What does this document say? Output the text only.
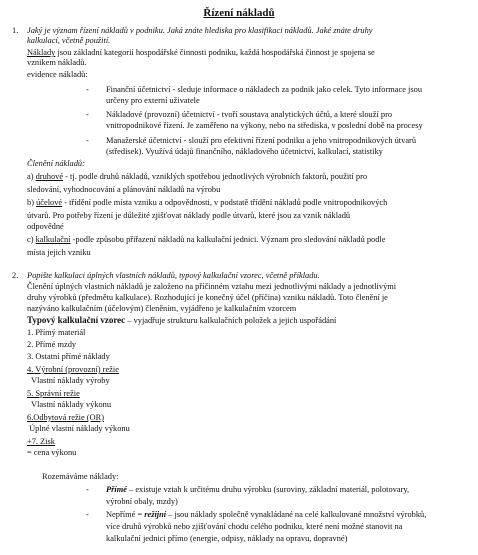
Řízení nákladů
1. Jaký je význam řízení nákladů v podniku. Jaká znáte hlediska pro klasifikaci nákladů. Jaké znáte druhy
kalkulací, včetně použití.
Náklady jsou základní kategorií hospodářské činnosti podniku, každá hospodářská činnost je spojena se
vznikem nákladů.
evidence nákladů:
- Finanční účetnictví - sleduje informace o nákladech za podnik jako celek. Tyto informace jsou
určeny pro externí uživatele
- Nákladové (provozní) účetnictví - tvoří soustava analytických účtů, a které slouží pro
vnitropodnikové řízení. Je zaměřeno na výkony, nebo na střediska, v poslední době na procesy
- Manažerské účetnictví - slouží pro efektivní řízení podniku a jeho vnitropodnikových útvarů
(středisek). Využívá údajů finančního, nákladového účetnictví, kalkulací, statistiky
Členění nákladů:
a) druhové - tj. podle druhů nákladů, vzniklých spotřebou jednotlivých výrobních faktorů, použití pro
sledování, vyhodnocování a plánování nákladů na výrobu
b) účelové - třídění podle místa vzniku a odpovědnosti, v podstatě třídění nákladů podle vnitropodnikových
útvarů. Pro potřeby řízení je důležité zjišťovat náklady podle útvarů, které jsou za vznik nákladů
odpovědné
c) kalkulační -podle způsobu přiřazení nákladů na kalkulační jednici. Význam pro sledování nákladů podle
místa jejich vzniku
2. Popište kalkulaci úplných vlastních nákladů, typový kalkulační vzorec, včetně příkladu.
Členění úplných vlastních nákladů je založeno na příčinném vztahu mezi jednotlivými náklady a jednotlivými
druhy výrobků (předmětu kalkulace). Rozhodující je konečný účel (příčina) vzniku nákladů. Toto členění je
nazýváno kalkulačním (účelovým) členěním, vyjádřeno je kalkulačním vzorcem
Typový kalkulační vzorec – vyjadřuje strukturu kalkulačních položek a jejich uspořádání
1. Přímý materiál
2. Přímé mzdy
3. Ostatní přímé náklady
4. Výrobní (provozní) režie
Vlastní náklady výroby
5. Správní režie
Vlastní náklady výkonu
6.Odbytová režie (OR)
Úplné vlastní náklady výkonu
+7. Zisk
= cena výkonu
Rozemáváme náklady:
- Přímé – existuje vztah k určitému druhu výrobku (suroviny, základní materiál, polotovary,
výrobní obaly, mzdy)
- Nepřímé = režijní – jsou náklady společně vynakládané na celé kalkulované množství výrobků,
více druhů výrobků nebo zjišťování chodu celého podniku, které není možné stanovit na
kalkulační jednici přímo (energie, odpisy, náklady na opravu, dopravné)
